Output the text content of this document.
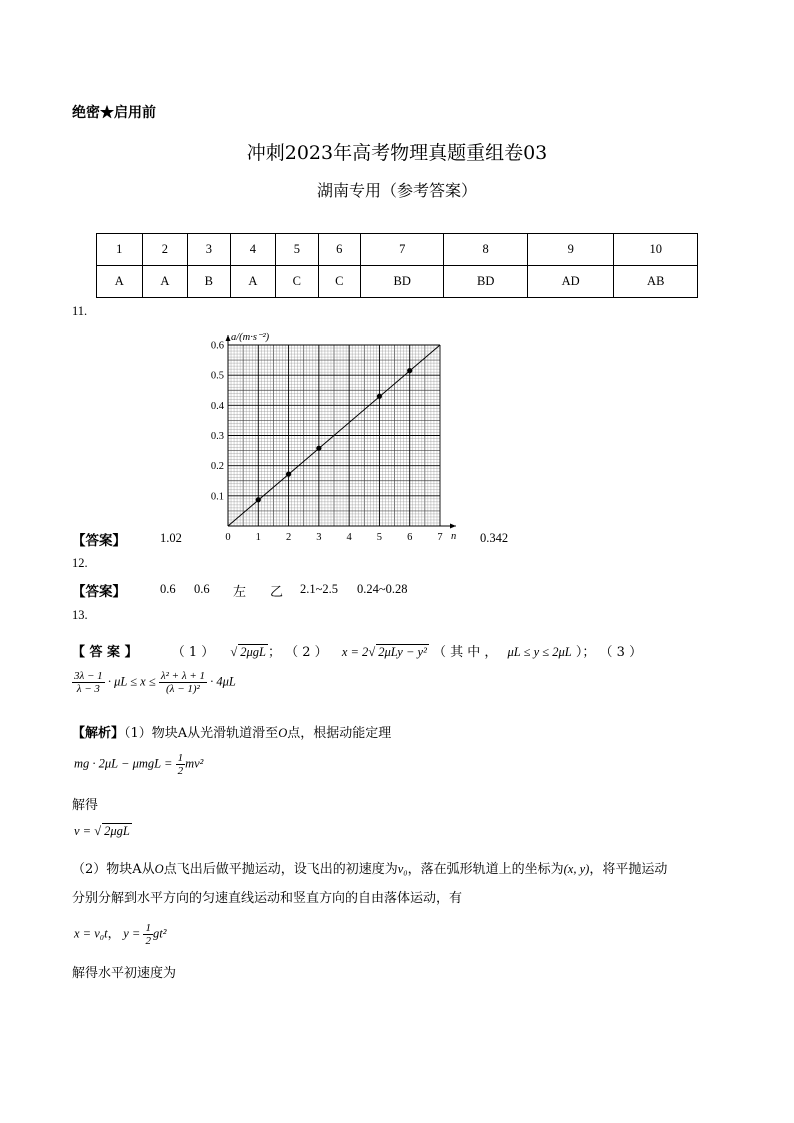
绝密★启用前
冲刺2023年高考物理真题重组卷03
湖南专用（参考答案）
1	2	3	4	5	6	7	8	9	10
A	A	B	A	C	C	BD	BD	AD	AB
11.
0 1 2 3 4 5 6 7
0.1
0.2
0.3
0.4
0.5
0.6
a/(m·s⁻²)
n
【答案】	1.02	0.342
12.
【答案】	0.6 0.6 左 乙 2.1~2.5 0.24~0.28
13.
【 答 案 】	（ 1 ） √ 2μgL ； （ 2 ） x = 2√ 2μLy − y² （ 其 中 ， μL ≤ y ≤ 2μL ）； （ 3 ）
$\frac{3\lambda - 1}{\lambda - 3} \cdot \mu L \le x \le \frac{\text{λ² + λ + 1}}{\text{(λ − 1)²}} \cdot 4\mu L$
【解析】（1）物块A从光滑轨道滑至O点，根据动能定理
mg · $2\mu L - \mu mgL = \frac{1}{2} mv^2$
解得
v = √ 2μgL
（2）物块A从O点飞出后做平抛运动，设飞出的初速度为v₀，落在弧形轨道上的坐标为(x, y)，将平抛运动
分别分解到水平方向的匀速直线运动和竖直方向的自由落体运动，有
x = v₀t， $y = \frac{1}{2} gt^2$
解得水平初速度为
